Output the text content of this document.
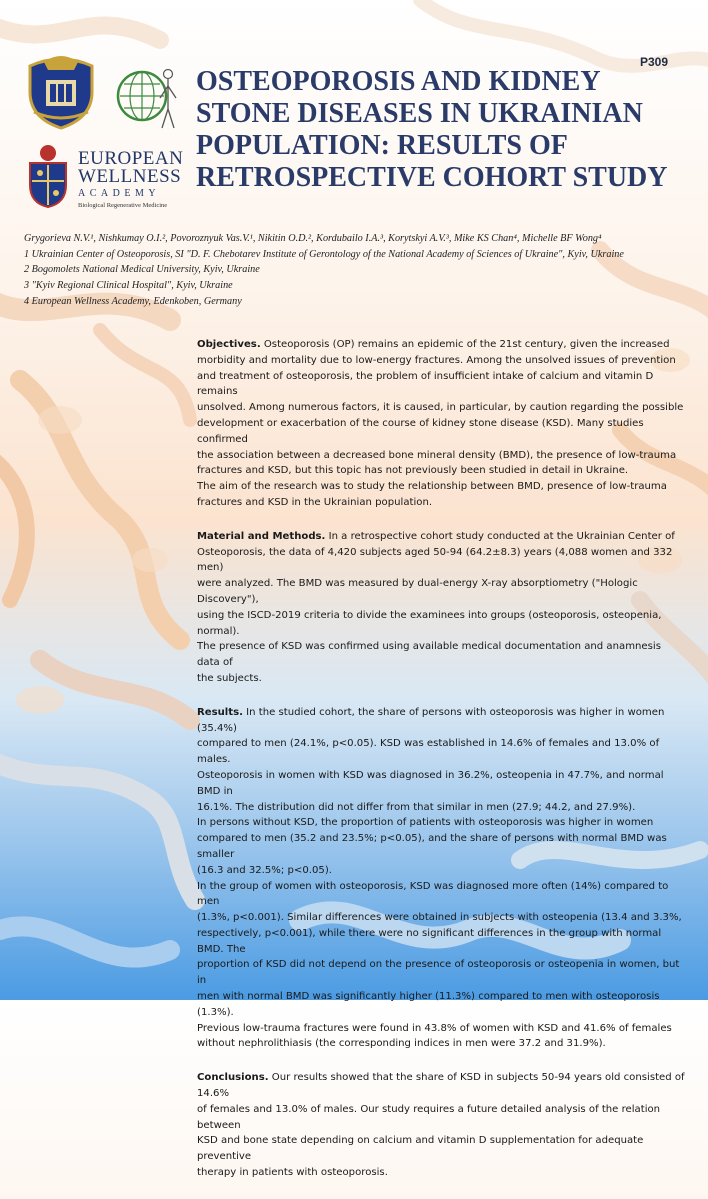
P309
EUROPEAN
WELLNESS
ACADEMY
Biological Regenerative Medicine
OSTEOPOROSIS AND KIDNEY
STONE DISEASES IN UKRAINIAN
POPULATION: RESULTS OF
RETROSPECTIVE COHORT STUDY
Grygorieva N.V.¹, Nishkumay O.I.², Povoroznyuk Vas.V.¹, Nikitin O.D.², Kordubailo I.A.³, Korytskyi A.V.³, Mike KS Chan⁴, Michelle BF Wong⁴
1 Ukrainian Center of Osteoporosis, SI "D. F. Chebotarev Institute of Gerontology of the National Academy of Sciences of Ukraine", Kyiv, Ukraine
2 Bogomolets National Medical University, Kyiv, Ukraine
3 "Kyiv Regional Clinical Hospital", Kyiv, Ukraine
4 European Wellness Academy, Edenkoben, Germany

Objectives. Osteoporosis (OP) remains an epidemic of the 21st century, given the increased
morbidity and mortality due to low-energy fractures. Among the unsolved issues of prevention
and treatment of osteoporosis, the problem of insufficient intake of calcium and vitamin D remains
unsolved. Among numerous factors, it is caused, in particular, by caution regarding the possible
development or exacerbation of the course of kidney stone disease (KSD). Many studies confirmed
the association between a decreased bone mineral density (BMD), the presence of low-trauma
fractures and KSD, but this topic has not previously been studied in detail in Ukraine.
The aim of the research was to study the relationship between BMD, presence of low-trauma
fractures and KSD in the Ukrainian population.

Material and Methods. In a retrospective cohort study conducted at the Ukrainian Center of
Osteoporosis, the data of 4,420 subjects aged 50-94 (64.2±8.3) years (4,088 women and 332 men)
were analyzed. The BMD was measured by dual-energy X-ray absorptiometry ("Hologic Discovery"),
using the ISCD-2019 criteria to divide the examinees into groups (osteoporosis, osteopenia, normal).
The presence of KSD was confirmed using available medical documentation and anamnesis data of
the subjects.

Results. In the studied cohort, the share of persons with osteoporosis was higher in women (35.4%)
compared to men (24.1%, p<0.05). KSD was established in 14.6% of females and 13.0% of males.
Osteoporosis in women with KSD was diagnosed in 36.2%, osteopenia in 47.7%, and normal BMD in
16.1%. The distribution did not differ from that similar in men (27.9; 44.2, and 27.9%).
In persons without KSD, the proportion of patients with osteoporosis was higher in women
compared to men (35.2 and 23.5%; p<0.05), and the share of persons with normal BMD was smaller
(16.3 and 32.5%; p<0.05).
In the group of women with osteoporosis, KSD was diagnosed more often (14%) compared to men
(1.3%, p<0.001). Similar differences were obtained in subjects with osteopenia (13.4 and 3.3%,
respectively, p<0.001), while there were no significant differences in the group with normal BMD. The
proportion of KSD did not depend on the presence of osteoporosis or osteopenia in women, but in
men with normal BMD was significantly higher (11.3%) compared to men with osteoporosis (1.3%).
Previous low-trauma fractures were found in 43.8% of women with KSD and 41.6% of females
without nephrolithiasis (the corresponding indices in men were 37.2 and 31.9%).

Conclusions. Our results showed that the share of KSD in subjects 50-94 years old consisted of 14.6%
of females and 13.0% of males. Our study requires a future detailed analysis of the relation between
KSD and bone state depending on calcium and vitamin D supplementation for adequate preventive
therapy in patients with osteoporosis.
